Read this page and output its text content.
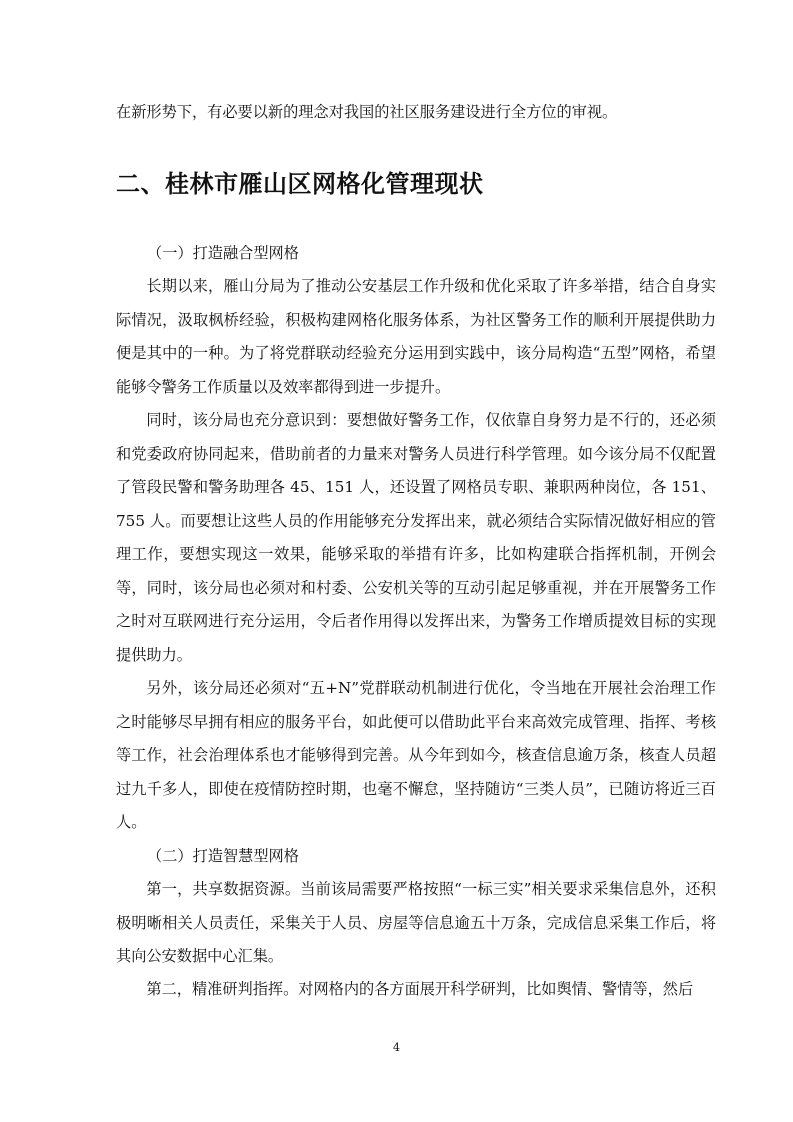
在新形势下，有必要以新的理念对我国的社区服务建设进行全方位的审视。

二、桂林市雁山区网格化管理现状

（一）打造融合型网格

长期以来，雁山分局为了推动公安基层工作升级和优化采取了许多举措，结合自身实际情况，汲取枫桥经验，积极构建网格化服务体系，为社区警务工作的顺利开展提供助力便是其中的一种。为了将党群联动经验充分运用到实践中，该分局构造“五型”网格，希望能够令警务工作质量以及效率都得到进一步提升。

同时，该分局也充分意识到：要想做好警务工作，仅依靠自身努力是不行的，还必须和党委政府协同起来，借助前者的力量来对警务人员进行科学管理。如今该分局不仅配置了管段民警和警务助理各 45、151 人，还设置了网格员专职、兼职两种岗位，各 151、755 人。而要想让这些人员的作用能够充分发挥出来，就必须结合实际情况做好相应的管理工作，要想实现这一效果，能够采取的举措有许多，比如构建联合指挥机制，开例会等，同时，该分局也必须对和村委、公安机关等的互动引起足够重视，并在开展警务工作之时对互联网进行充分运用，令后者作用得以发挥出来，为警务工作增质提效目标的实现提供助力。

另外，该分局还必须对“五+N”党群联动机制进行优化，令当地在开展社会治理工作之时能够尽早拥有相应的服务平台，如此便可以借助此平台来高效完成管理、指挥、考核等工作，社会治理体系也才能够得到完善。从今年到如今，核查信息逾万条，核查人员超过九千多人，即使在疫情防控时期，也毫不懈怠，坚持随访“三类人员”，已随访将近三百人。

（二）打造智慧型网格

第一，共享数据资源。当前该局需要严格按照“一标三实”相关要求采集信息外，还积极明晰相关人员责任，采集关于人员、房屋等信息逾五十万条，完成信息采集工作后，将其向公安数据中心汇集。

第二，精准研判指挥。对网格内的各方面展开科学研判，比如舆情、警情等，然后

4
